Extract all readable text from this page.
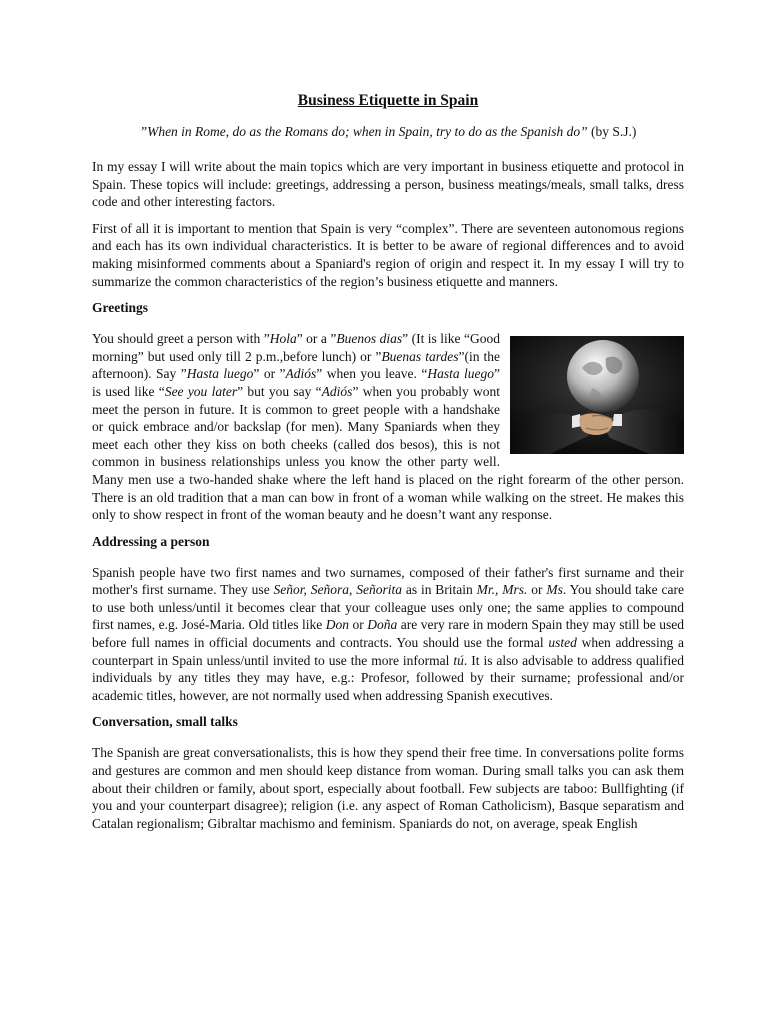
Business Etiquette in Spain
”When in Rome, do as the Romans do; when in Spain, try to do as the Spanish do” (by S.J.)

In my essay I will write about the main topics which are very important in business etiquette and protocol in Spain. These topics will include: greetings, addressing a person, business meatings/meals, small talks, dress code and other interesting factors.

First of all it is important to mention that Spain is very “complex”. There are seventeen autonomous regions and each has its own individual characteristics. It is better to be aware of regional differences and to avoid making misinformed comments about a Spaniard's region of origin and respect it. In my essay I will try to summarize the common characteristics of the region’s business etiquette and manners.

Greetings

You should greet a person with ”Hola” or a ”Buenos dias” (It is like “Good morning” but used only till 2 p.m.,before lunch) or ”Buenas tardes”(in the afternoon). Say ”Hasta luego” or ”Adiós” when you leave. “Hasta luego” is used like “See you later” but you say “Adiós” when you probably wont meet the person in future. It is common to greet people with a handshake or quick embrace and/or backslap (for men). Many Spaniards when they meet each other they kiss on both cheeks (called dos besos), this is not common in business relationships unless you know the other party well. Many men use a two-handed shake where the left hand is placed on the right forearm of the other person. There is an old tradition that a man can bow in front of a woman while walking on the street. He makes this only to show respect in front of the woman beauty and he doesn’t want any response.

Addressing a person

Spanish people have two first names and two surnames, composed of their father's first surname and their mother's first surname. They use Señor, Señora, Señorita as in Britain Mr., Mrs. or Ms. You should take care to use both unless/until it becomes clear that your colleague uses only one; the same applies to compound first names, e.g. José-Maria. Old titles like Don or Doña are very rare in modern Spain they may still be used before full names in official documents and contracts. You should use the formal usted when addressing a counterpart in Spain unless/until invited to use the more informal tú. It is also advisable to address qualified individuals by any titles they may have, e.g.: Profesor, followed by their surname; professional and/or academic titles, however, are not normally used when addressing Spanish executives.

Conversation, small talks

The Spanish are great conversationalists, this is how they spend their free time. In conversations polite forms and gestures are common and men should keep distance from woman. During small talks you can ask them about their children or family, about sport, especially about football. Few subjects are taboo: Bullfighting (if you and your counterpart disagree); religion (i.e. any aspect of Roman Catholicism), Basque separatism and Catalan regionalism; Gibraltar machismo and feminism. Spaniards do not, on average, speak English
